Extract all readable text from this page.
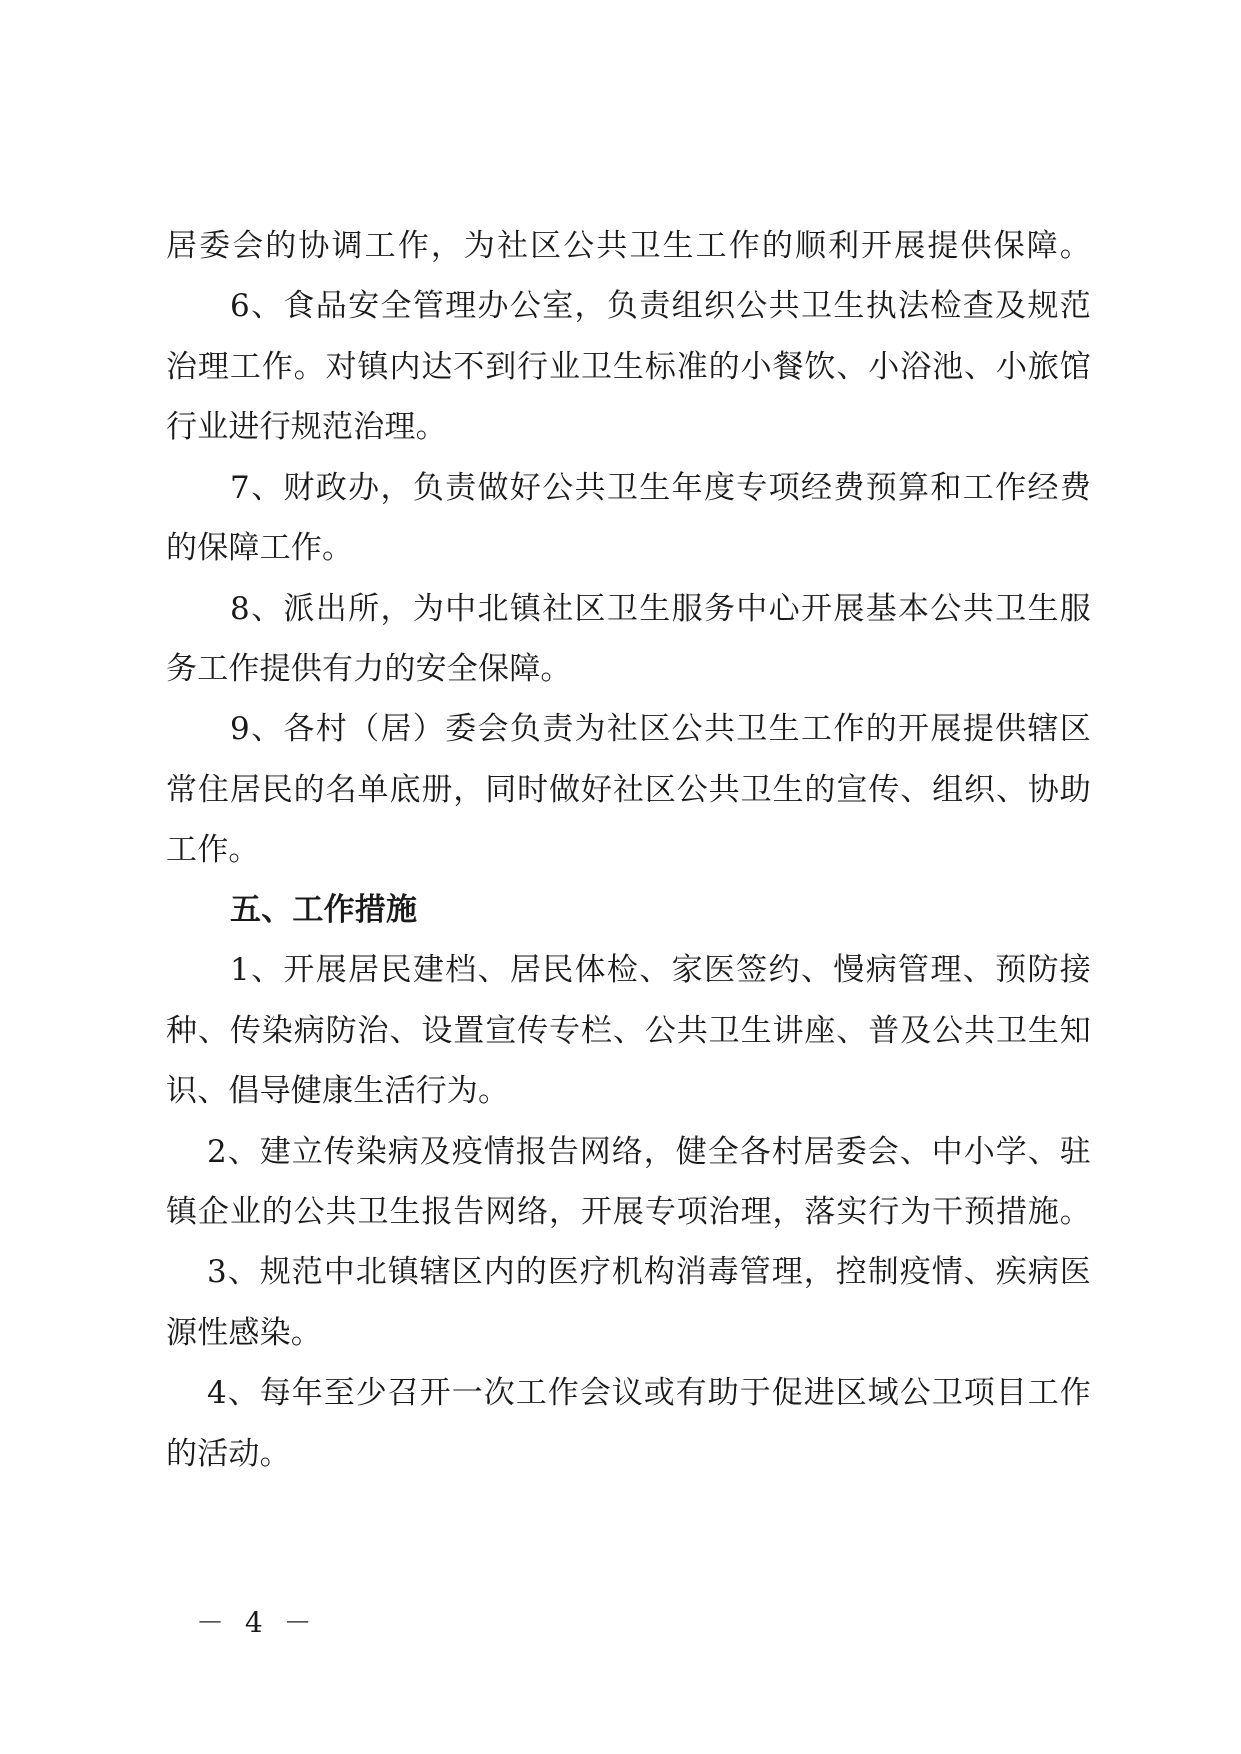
居委会的协调工作，为社区公共卫生工作的顺利开展提供保障。
6、食品安全管理办公室，负责组织公共卫生执法检查及规范
治理工作。对镇内达不到行业卫生标准的小餐饮、小浴池、小旅馆
行业进行规范治理。
7、财政办，负责做好公共卫生年度专项经费预算和工作经费
的保障工作。
8、派出所，为中北镇社区卫生服务中心开展基本公共卫生服
务工作提供有力的安全保障。
9、各村（居）委会负责为社区公共卫生工作的开展提供辖区
常住居民的名单底册，同时做好社区公共卫生的宣传、组织、协助
工作。
五、工作措施
1、开展居民建档、居民体检、家医签约、慢病管理、预防接
种、传染病防治、设置宣传专栏、公共卫生讲座、普及公共卫生知
识、倡导健康生活行为。
2、建立传染病及疫情报告网络，健全各村居委会、中小学、驻
镇企业的公共卫生报告网络，开展专项治理，落实行为干预措施。
3、规范中北镇辖区内的医疗机构消毒管理，控制疫情、疾病医
源性感染。
4、每年至少召开一次工作会议或有助于促进区域公卫项目工作
的活动。
－ 4 －
